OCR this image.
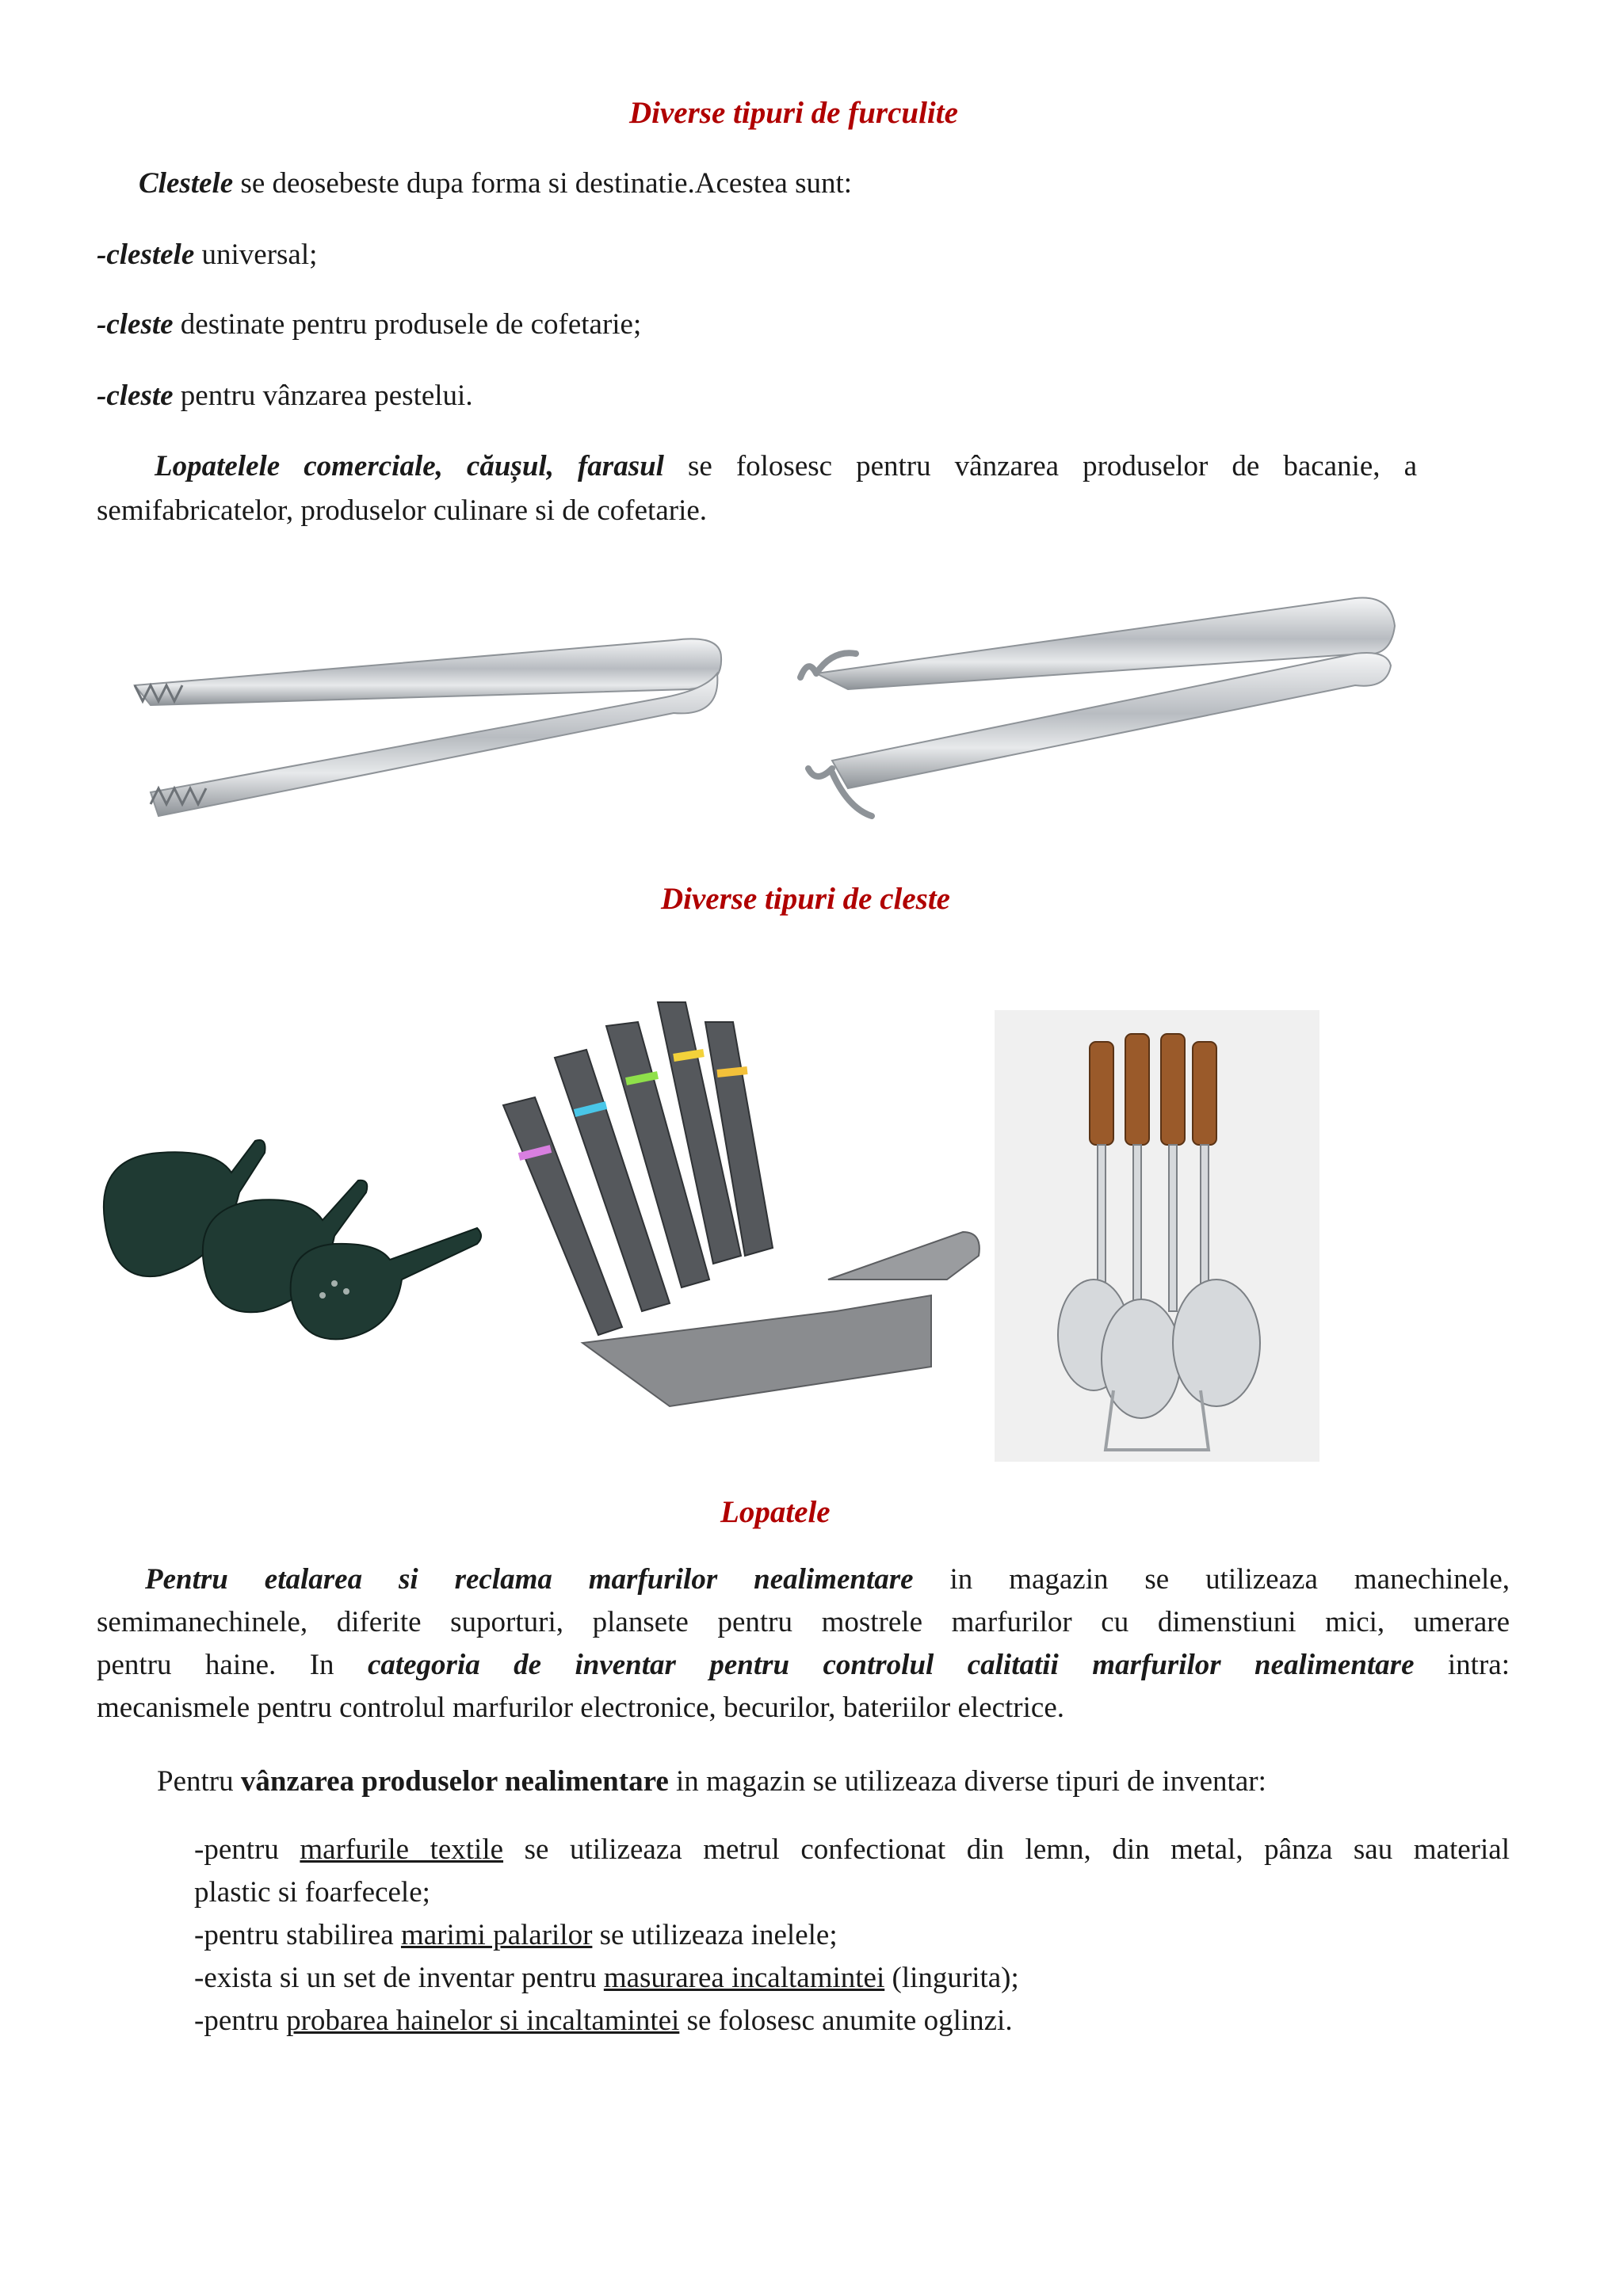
Diverse tipuri de furculite
Clestele se deosebeste dupa forma si destinatie.Acestea sunt:
-clestele universal;
-cleste destinate pentru produsele de cofetarie;
-cleste pentru vânzarea pestelui.
Lopatelele comerciale, căușul, farasul se folosesc pentru vânzarea produselor de bacanie, a
semifabricatelor, produselor culinare si de cofetarie.
Diverse tipuri de cleste
Lopatele
Pentru etalarea si reclama marfurilor nealimentare in magazin se utilizeaza manechinele,
semimanechinele, diferite suporturi, plansete pentru mostrele marfurilor cu dimenstiuni mici, umerare
pentru haine. In categoria de inventar pentru controlul calitatii marfurilor nealimentare intra:
mecanismele pentru controlul marfurilor electronice, becurilor, bateriilor electrice.
Pentru vânzarea produselor nealimentare in magazin se utilizeaza diverse tipuri de inventar:
-pentru marfurile textile se utilizeaza metrul confectionat din lemn, din metal, pânza sau material
plastic si foarfecele;
-pentru stabilirea marimi palarilor se utilizeaza inelele;
-exista si un set de inventar pentru masurarea incaltamintei (lingurita);
-pentru probarea hainelor si incaltamintei se folosesc anumite oglinzi.
